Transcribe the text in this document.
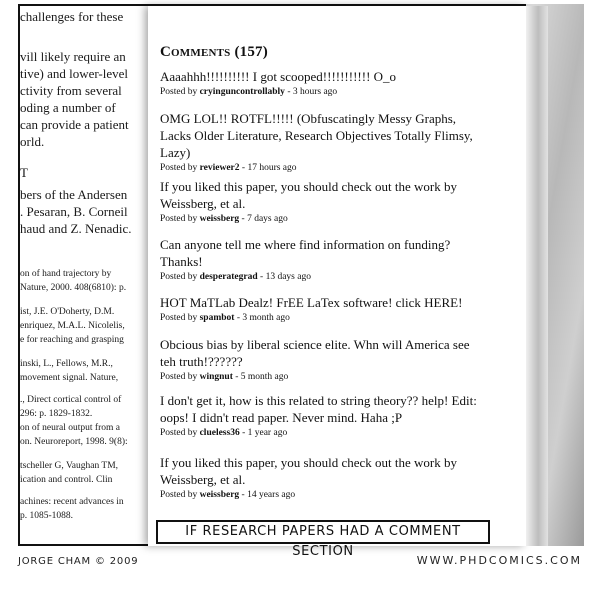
challenges for these
vill likely require an
tive) and lower-level
ctivity from several
oding a number of
can provide a patient
orld.
T
bers of the Andersen
. Pesaran, B. Corneil
haud and Z. Nenadic.
on of hand trajectory by
Nature, 2000. 408(6810): p.
ist, J.E. O'Doherty, D.M.
enriquez, M.A.L. Nicolelis,
e for reaching and grasping
inski, L., Fellows, M.R.,
movement signal. Nature,
., Direct cortical control of
296: p. 1829-1832.
on of neural output from a
on. Neuroreport, 1998. 9(8):
tscheller G, Vaughan TM,
ication and control. Clin
achines: recent advances in
p. 1085-1088.
Comments (157)
Aaaahhh!!!!!!!!!! I got scooped!!!!!!!!!!! O_o
Posted by cryinguncontrollably - 3 hours ago
OMG LOL!! ROTFL!!!!! (Obfuscatingly Messy Graphs, Lacks Older Literature, Research Objectives Totally Flimsy, Lazy)
Posted by reviewer2 - 17 hours ago
If you liked this paper, you should check out the work by Weissberg, et al.
Posted by weissberg - 7 days ago
Can anyone tell me where find information on funding? Thanks!
Posted by desperategrad - 13 days ago
HOT MaTLab Dealz! FrEE LaTex software! click HERE!
Posted by spambot - 3 month ago
Obcious bias by liberal science elite. Whn will America see teh truth!??????
Posted by wingnut - 5 month ago
I don't get it, how is this related to string theory?? help! Edit: oops! I didn't read paper. Never mind. Haha ;P
Posted by clueless36 - 1 year ago
If you liked this paper, you should check out the work by Weissberg, et al.
Posted by weissberg - 14 years ago
IF RESEARCH PAPERS HAD A COMMENT SECTION
JORGE CHAM © 2009	WWW.PHDCOMICS.COM
